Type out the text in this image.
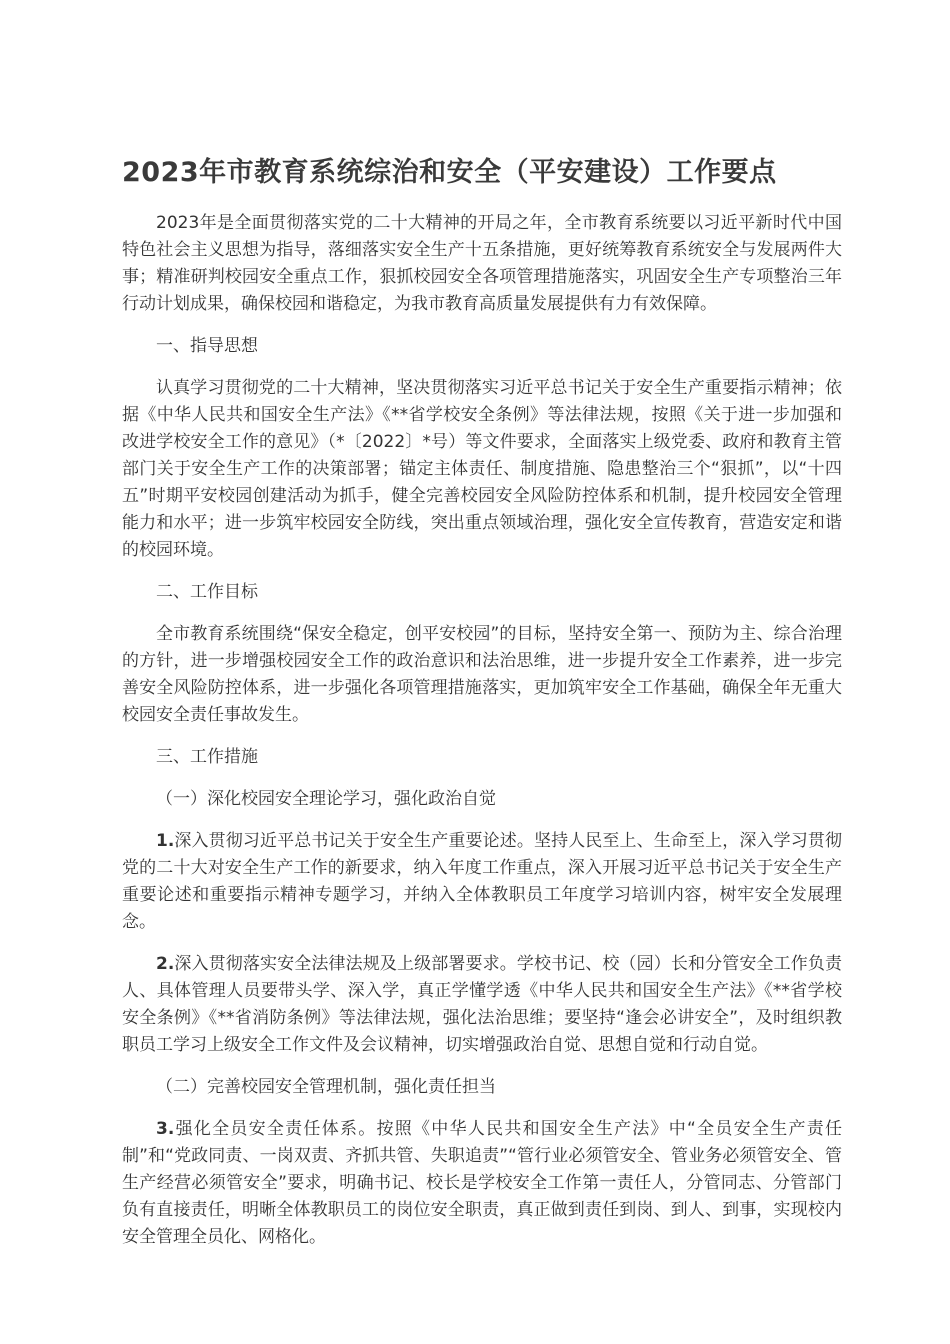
2023年市教育系统综治和安全（平安建设）工作要点

2023年是全面贯彻落实党的二十大精神的开局之年，全市教育系统要以习近平新时代中国特色社会主义思想为指导，落细落实安全生产十五条措施，更好统筹教育系统安全与发展两件大事；精准研判校园安全重点工作，狠抓校园安全各项管理措施落实，巩固安全生产专项整治三年行动计划成果，确保校园和谐稳定，为我市教育高质量发展提供有力有效保障。

一、指导思想

认真学习贯彻党的二十大精神，坚决贯彻落实习近平总书记关于安全生产重要指示精神；依据《中华人民共和国安全生产法》《**省学校安全条例》等法律法规，按照《关于进一步加强和改进学校安全工作的意见》（*〔2022〕*号）等文件要求，全面落实上级党委、政府和教育主管部门关于安全生产工作的决策部署；锚定主体责任、制度措施、隐患整治三个“狠抓”，以“十四五”时期平安校园创建活动为抓手，健全完善校园安全风险防控体系和机制，提升校园安全管理能力和水平；进一步筑牢校园安全防线，突出重点领域治理，强化安全宣传教育，营造安定和谐的校园环境。

二、工作目标

全市教育系统围绕“保安全稳定，创平安校园”的目标，坚持安全第一、预防为主、综合治理的方针，进一步增强校园安全工作的政治意识和法治思维，进一步提升安全工作素养，进一步完善安全风险防控体系，进一步强化各项管理措施落实，更加筑牢安全工作基础，确保全年无重大校园安全责任事故发生。

三、工作措施

（一）深化校园安全理论学习，强化政治自觉

1.深入贯彻习近平总书记关于安全生产重要论述。坚持人民至上、生命至上，深入学习贯彻党的二十大对安全生产工作的新要求，纳入年度工作重点，深入开展习近平总书记关于安全生产重要论述和重要指示精神专题学习，并纳入全体教职员工年度学习培训内容，树牢安全发展理念。

2.深入贯彻落实安全法律法规及上级部署要求。学校书记、校（园）长和分管安全工作负责人、具体管理人员要带头学、深入学，真正学懂学透《中华人民共和国安全生产法》《**省学校安全条例》《**省消防条例》等法律法规，强化法治思维；要坚持“逢会必讲安全”，及时组织教职员工学习上级安全工作文件及会议精神，切实增强政治自觉、思想自觉和行动自觉。

（二）完善校园安全管理机制，强化责任担当

3.强化全员安全责任体系。按照《中华人民共和国安全生产法》中“全员安全生产责任制”和“党政同责、一岗双责、齐抓共管、失职追责”“管行业必须管安全、管业务必须管安全、管生产经营必须管安全”要求，明确书记、校长是学校安全工作第一责任人，分管同志、分管部门负有直接责任，明晰全体教职员工的岗位安全职责，真正做到责任到岗、到人、到事，实现校内安全管理全员化、网格化。
